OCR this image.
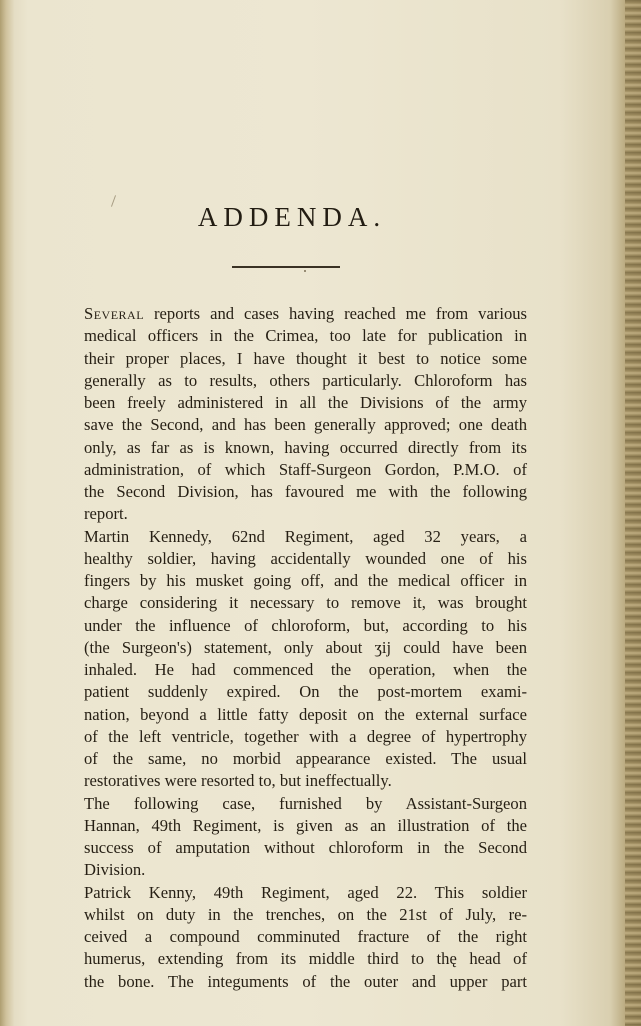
ADDENDA.
Several reports and cases having reached me from various
medical officers in the Crimea, too late for publication in
their proper places, I have thought it best to notice some
generally as to results, others particularly. Chloroform has
been freely administered in all the Divisions of the army
save the Second, and has been generally approved; one death
only, as far as is known, having occurred directly from its
administration, of which Staff-Surgeon Gordon, P.M.O. of
the Second Division, has favoured me with the following
report.
Martin Kennedy, 62nd Regiment, aged 32 years, a
healthy soldier, having accidentally wounded one of his
fingers by his musket going off, and the medical officer in
charge considering it necessary to remove it, was brought
under the influence of chloroform, but, according to his
(the Surgeon's) statement, only about ʒij could have been
inhaled. He had commenced the operation, when the
patient suddenly expired. On the post-mortem exami-
nation, beyond a little fatty deposit on the external surface
of the left ventricle, together with a degree of hypertrophy
of the same, no morbid appearance existed. The usual
restoratives were resorted to, but ineffectually.
The following case, furnished by Assistant-Surgeon
Hannan, 49th Regiment, is given as an illustration of the
success of amputation without chloroform in the Second
Division.
Patrick Kenny, 49th Regiment, aged 22. This soldier
whilst on duty in the trenches, on the 21st of July, re-
ceived a compound comminuted fracture of the right
humerus, extending from its middle third to thę head of
the bone. The integuments of the outer and upper part
